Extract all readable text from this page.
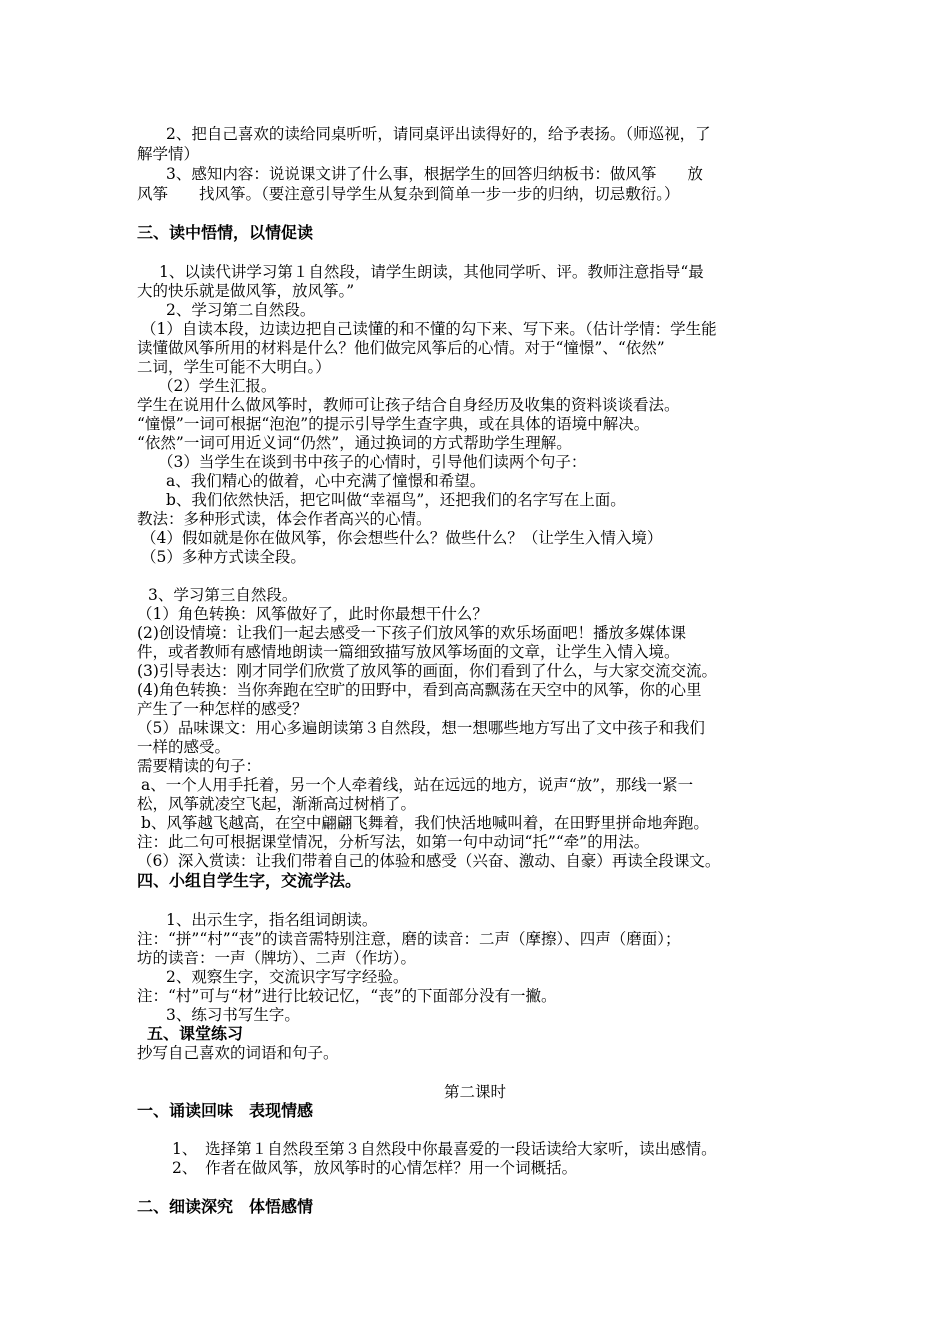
2、把自己喜欢的读给同桌听听，请同桌评出读得好的，给予表扬。（师巡视，了
解学情）
3、感知内容：说说课文讲了什么事，根据学生的回答归纳板书：做风筝　　放
风筝　　找风筝。（要注意引导学生从复杂到简单一步一步的归纳，切忌敷衍。）
三、读中悟情，以情促读
1、以读代讲学习第１自然段，请学生朗读，其他同学听、评。教师注意指导“最
大的快乐就是做风筝，放风筝。”
2、学习第二自然段。
（1）自读本段，边读边把自己读懂的和不懂的勾下来、写下来。（估计学情：学生能
读懂做风筝所用的材料是什么？他们做完风筝后的心情。对于“憧憬”、“依然”
二词，学生可能不大明白。）
（2）学生汇报。
学生在说用什么做风筝时，教师可让孩子结合自身经历及收集的资料谈谈看法。
“憧憬”一词可根据“泡泡”的提示引导学生查字典，或在具体的语境中解决。
“依然”一词可用近义词“仍然”，通过换词的方式帮助学生理解。
（3）当学生在谈到书中孩子的心情时，引导他们读两个句子：
a、我们精心的做着，心中充满了憧憬和希望。
b、我们依然快活，把它叫做“幸福鸟”，还把我们的名字写在上面。
教法：多种形式读，体会作者高兴的心情。
（4）假如就是你在做风筝，你会想些什么？做些什么？（让学生入情入境）
（5）多种方式读全段。
3、学习第三自然段。
（1）角色转换：风筝做好了，此时你最想干什么？
(2)创设情境：让我们一起去感受一下孩子们放风筝的欢乐场面吧！播放多媒体课
件，或者教师有感情地朗读一篇细致描写放风筝场面的文章，让学生入情入境。
(3)引导表达：刚才同学们欣赏了放风筝的画面，你们看到了什么，与大家交流交流。
(4)角色转换：当你奔跑在空旷的田野中，看到高高飘荡在天空中的风筝，你的心里
产生了一种怎样的感受？
（5）品味课文：用心多遍朗读第３自然段，想一想哪些地方写出了文中孩子和我们
一样的感受。
需要精读的句子：
a、一个人用手托着，另一个人牵着线，站在远远的地方，说声“放”，那线一紧一
松，风筝就凌空飞起，渐渐高过树梢了。
b、风筝越飞越高，在空中翩翩飞舞着，我们快活地喊叫着，在田野里拼命地奔跑。
注：此二句可根据课堂情况，分析写法，如第一句中动词“托”“牵”的用法。
（6）深入赏读：让我们带着自己的体验和感受（兴奋、激动、自豪）再读全段课文。
四、小组自学生字，交流学法。
1、出示生字，指名组词朗读。
注：“拼”“村”“丧”的读音需特别注意，磨的读音：二声（摩擦）、四声（磨面）；
坊的读音：一声（牌坊）、二声（作坊）。
2、观察生字，交流识字写字经验。
注：“村”可与“材”进行比较记忆，“丧”的下面部分没有一撇。
3、练习书写生字。
五、课堂练习
抄写自己喜欢的词语和句子。
第二课时
一、诵读回味　表现情感
1、　选择第１自然段至第３自然段中你最喜爱的一段话读给大家听，读出感情。
2、　作者在做风筝，放风筝时的心情怎样？用一个词概括。
二、细读深究　体悟感情
